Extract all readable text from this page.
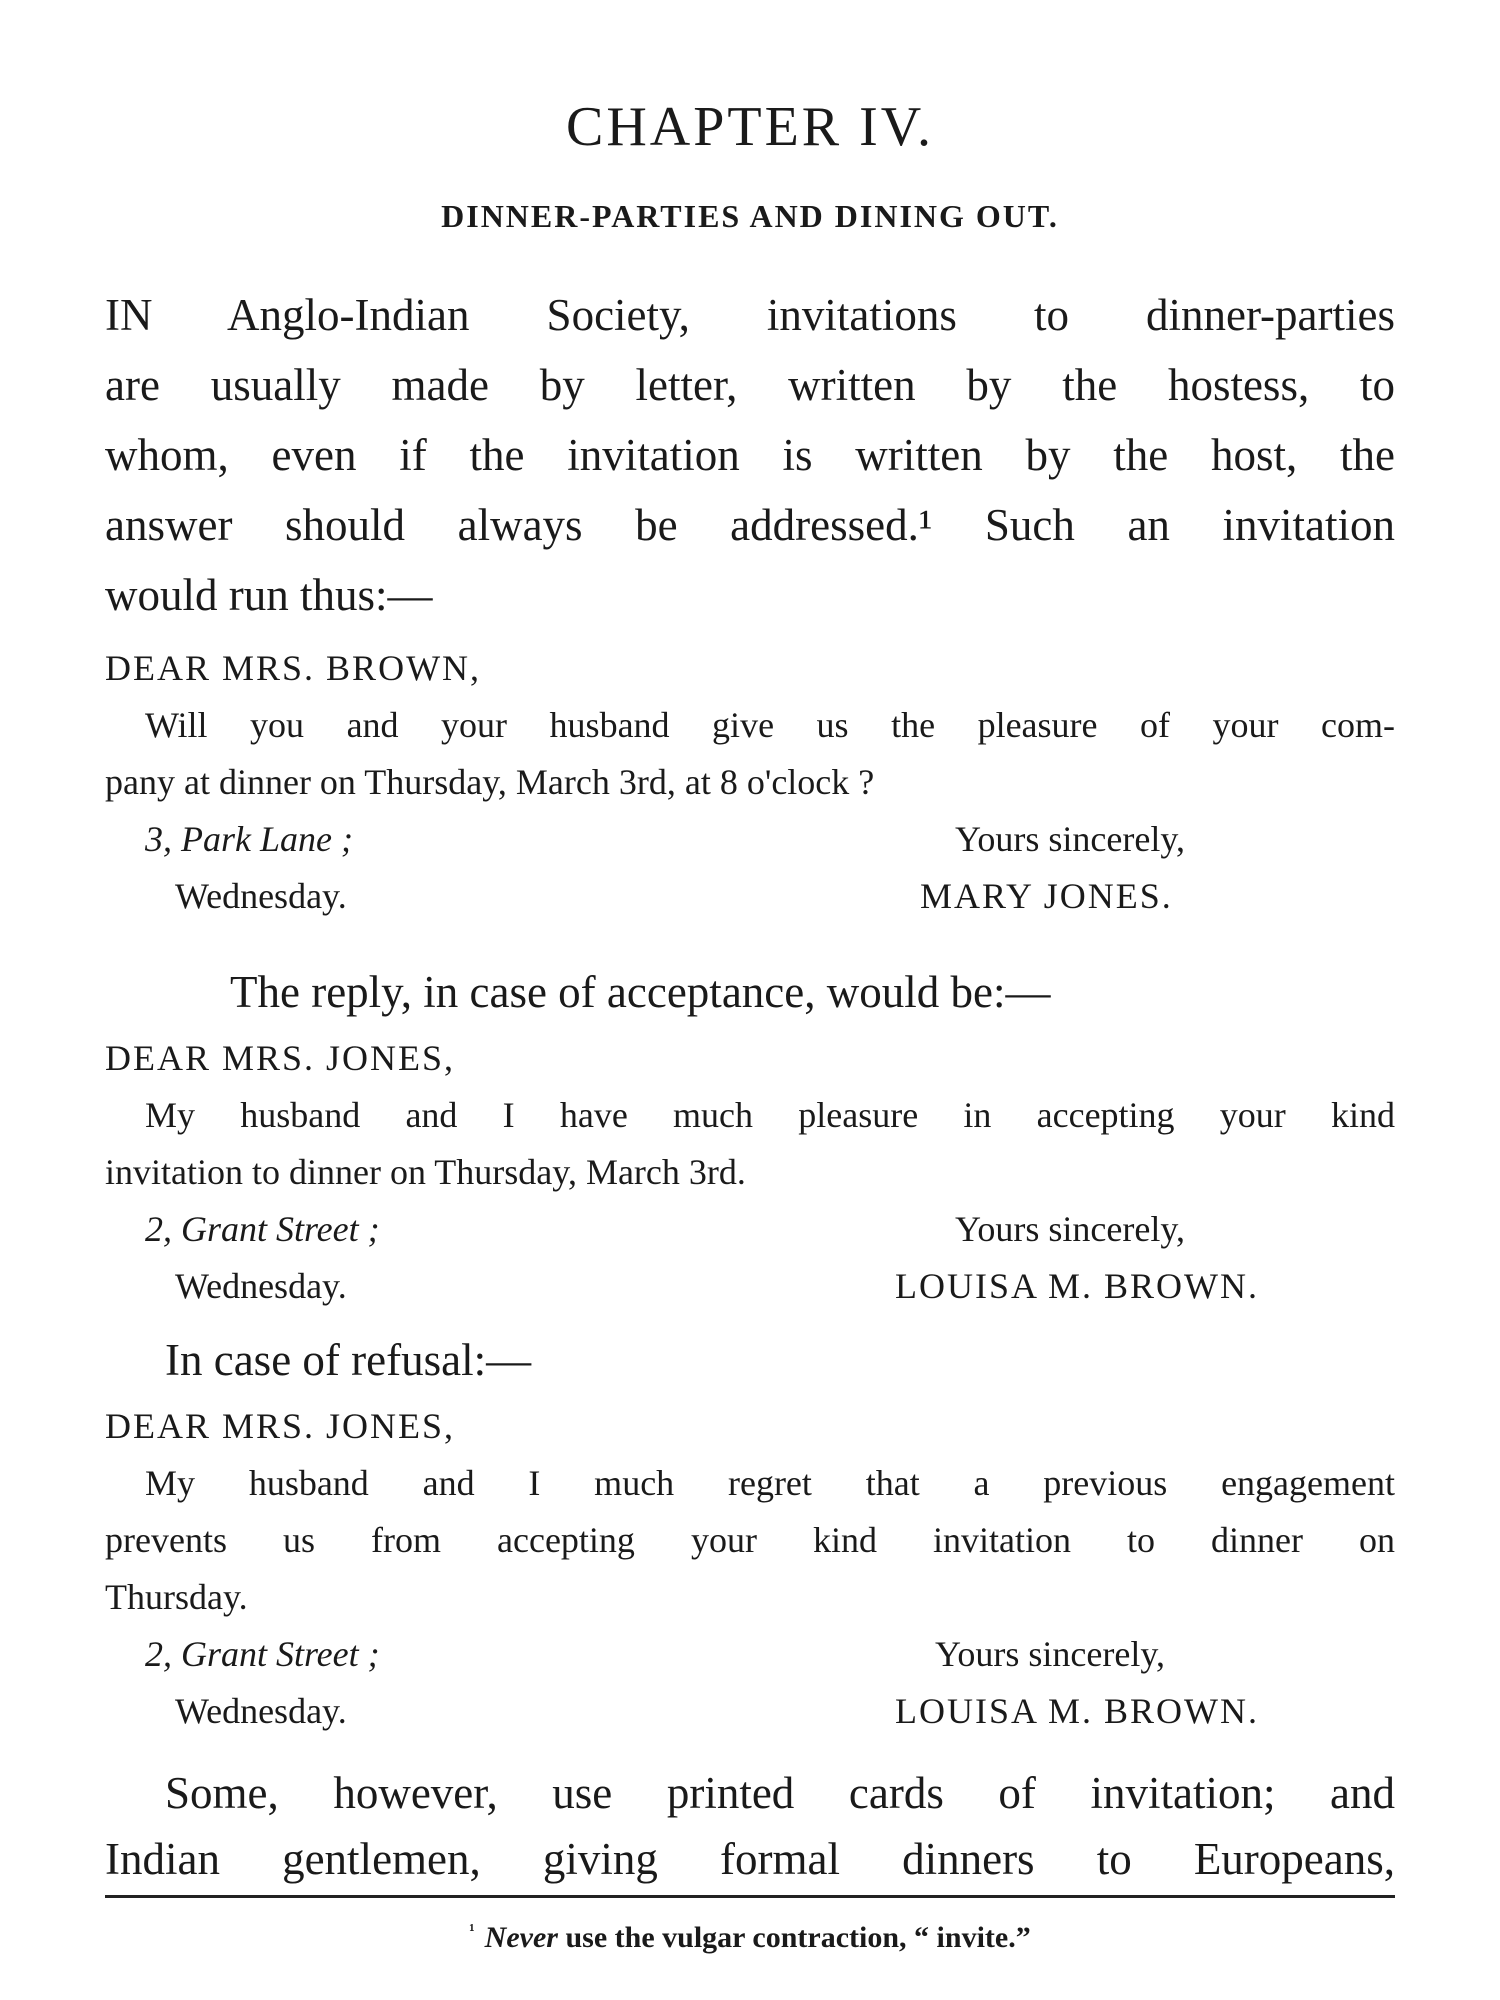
CHAPTER IV.
DINNER-PARTIES AND DINING OUT.
IN Anglo-Indian Society, invitations to dinner-parties
are usually made by letter, written by the hostess, to
whom, even if the invitation is written by the host, the
answer should always be addressed.¹ Such an invitation
would run thus:—
DEAR MRS. BROWN,
Will you and your husband give us the pleasure of your com-
pany at dinner on Thursday, March 3rd, at 8 o'clock ?
3, Park Lane ;	Yours sincerely,
Wednesday.	MARY JONES.
The reply, in case of acceptance, would be:—
DEAR MRS. JONES,
My husband and I have much pleasure in accepting your kind
invitation to dinner on Thursday, March 3rd.
2, Grant Street ;	Yours sincerely,
Wednesday.	LOUISA M. BROWN.
In case of refusal:—
DEAR MRS. JONES,
My husband and I much regret that a previous engagement
prevents us from accepting your kind invitation to dinner on
Thursday.
2, Grant Street ;	Yours sincerely,
Wednesday.	LOUISA M. BROWN.
Some, however, use printed cards of invitation; and
Indian gentlemen, giving formal dinners to Europeans,
$^{^1}$ Never use the vulgar contraction, “ invite.”
